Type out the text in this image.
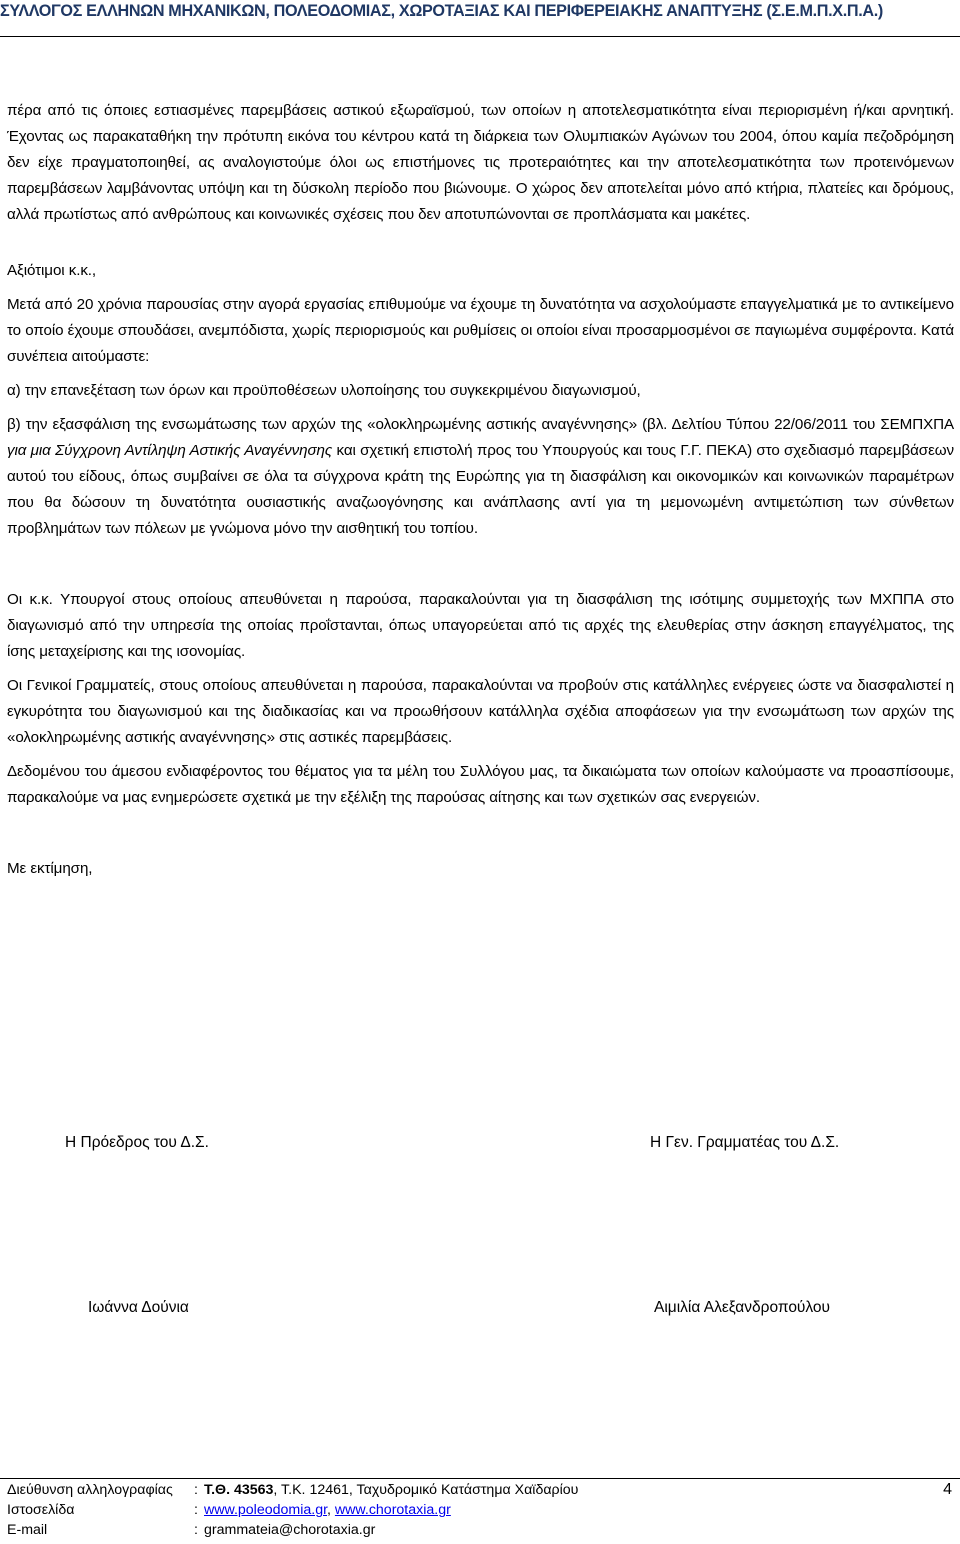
ΣΥΛΛΟΓΟΣ ΕΛΛΗΝΩΝ ΜΗΧΑΝΙΚΩΝ, ΠΟΛΕΟΔΟΜΙΑΣ, ΧΩΡΟΤΑΞΙΑΣ ΚΑΙ ΠΕΡΙΦΕΡΕΙΑΚΗΣ ΑΝΑΠΤΥΞΗΣ (Σ.Ε.Μ.Π.Χ.Π.Α.)

πέρα από τις όποιες εστιασμένες παρεμβάσεις αστικού εξωραϊσμού, των οποίων η αποτελεσματικότητα είναι περιορισμένη ή/και αρνητική. Έχοντας ως παρακαταθήκη την πρότυπη εικόνα του κέντρου κατά τη διάρκεια των Ολυμπιακών Αγώνων του 2004, όπου καμία πεζοδρόμηση δεν είχε πραγματοποιηθεί, ας αναλογιστούμε όλοι ως επιστήμονες τις προτεραιότητες και την αποτελεσματικότητα των προτεινόμενων παρεμβάσεων λαμβάνοντας υπόψη και τη δύσκολη περίοδο που βιώνουμε. Ο χώρος δεν αποτελείται μόνο από κτήρια, πλατείες και δρόμους, αλλά πρωτίστως από ανθρώπους και κοινωνικές σχέσεις που δεν αποτυπώνονται σε προπλάσματα και μακέτες.

Αξιότιμοι κ.κ.,

Μετά από 20 χρόνια παρουσίας στην αγορά εργασίας επιθυμούμε να έχουμε τη δυνατότητα να ασχολούμαστε επαγγελματικά με το αντικείμενο το οποίο έχουμε σπουδάσει, ανεμπόδιστα, χωρίς περιορισμούς και ρυθμίσεις οι οποίοι είναι προσαρμοσμένοι σε παγιωμένα συμφέροντα. Κατά συνέπεια αιτούμαστε:

α) την επανεξέταση των όρων και προϋποθέσεων υλοποίησης του συγκεκριμένου διαγωνισμού,

β) την εξασφάλιση της ενσωμάτωσης των αρχών της «ολοκληρωμένης αστικής αναγέννησης» (βλ. Δελτίου Τύπου 22/06/2011 του ΣΕΜΠΧΠΑ για μια Σύγχρονη Αντίληψη Αστικής Αναγέννησης και σχετική επιστολή προς του Υπουργούς και τους Γ.Γ. ΠΕΚΑ) στο σχεδιασμό παρεμβάσεων αυτού του είδους, όπως συμβαίνει σε όλα τα σύγχρονα κράτη της Ευρώπης για τη διασφάλιση και οικονομικών και κοινωνικών παραμέτρων που θα δώσουν τη δυνατότητα ουσιαστικής αναζωογόνησης και ανάπλασης αντί για τη μεμονωμένη αντιμετώπιση των σύνθετων προβλημάτων των πόλεων με γνώμονα μόνο την αισθητική του τοπίου.

Οι κ.κ. Υπουργοί στους οποίους απευθύνεται η παρούσα, παρακαλούνται για τη διασφάλιση της ισότιμης συμμετοχής των ΜΧΠΠΑ στο διαγωνισμό από την υπηρεσία της οποίας προΐστανται, όπως υπαγορεύεται από τις αρχές της ελευθερίας στην άσκηση επαγγέλματος, της ίσης μεταχείρισης και της ισονομίας.

Οι Γενικοί Γραμματείς, στους οποίους απευθύνεται η παρούσα, παρακαλούνται να προβούν στις κατάλληλες ενέργειες ώστε να διασφαλιστεί η εγκυρότητα του διαγωνισμού και της διαδικασίας και να προωθήσουν κατάλληλα σχέδια αποφάσεων για την ενσωμάτωση των αρχών της «ολοκληρωμένης αστικής αναγέννησης» στις αστικές παρεμβάσεις.

Δεδομένου του άμεσου ενδιαφέροντος του θέματος για τα μέλη του Συλλόγου μας, τα δικαιώματα των οποίων καλούμαστε να προασπίσουμε, παρακαλούμε να μας ενημερώσετε σχετικά με την εξέλιξη της παρούσας αίτησης και των σχετικών σας ενεργειών.

Με εκτίμηση,

Η Πρόεδρος του Δ.Σ.	Η Γεν. Γραμματέας του Δ.Σ.
Ιωάννα Δούνια	Αιμιλία Αλεξανδροπούλου
Διεύθυνση αλληλογραφίας : Τ.Θ. 43563, Τ.Κ. 12461, Ταχυδρομικό Κατάστημα Χαϊδαρίου
Ιστοσελίδα	: www.poleodomia.gr, www.chorotaxia.gr
E-mail	: grammateia@chorotaxia.gr
4
